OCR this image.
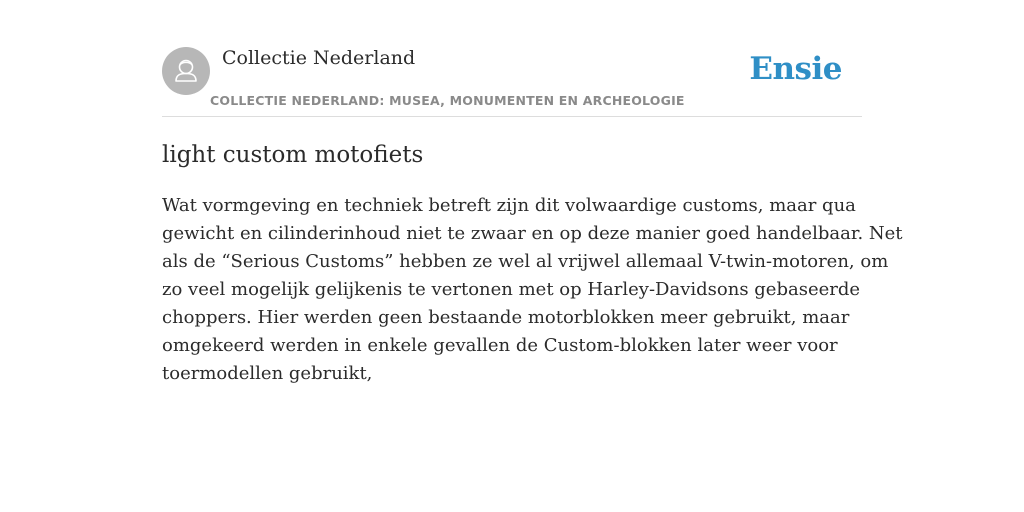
Collectie Nederland
COLLECTIE NEDERLAND: MUSEA, MONUMENTEN EN ARCHEOLOGIE
Ensie
light custom motofiets

Wat vormgeving en techniek betreft zijn dit volwaardige customs, maar qua
gewicht en cilinderinhoud niet te zwaar en op deze manier goed handelbaar. Net
als de “Serious Customs” hebben ze wel al vrijwel allemaal V-twin-motoren, om
zo veel mogelijk gelijkenis te vertonen met op Harley-Davidsons gebaseerde
choppers. Hier werden geen bestaande motorblokken meer gebruikt, maar
omgekeerd werden in enkele gevallen de Custom-blokken later weer voor
toermodellen gebruikt,
